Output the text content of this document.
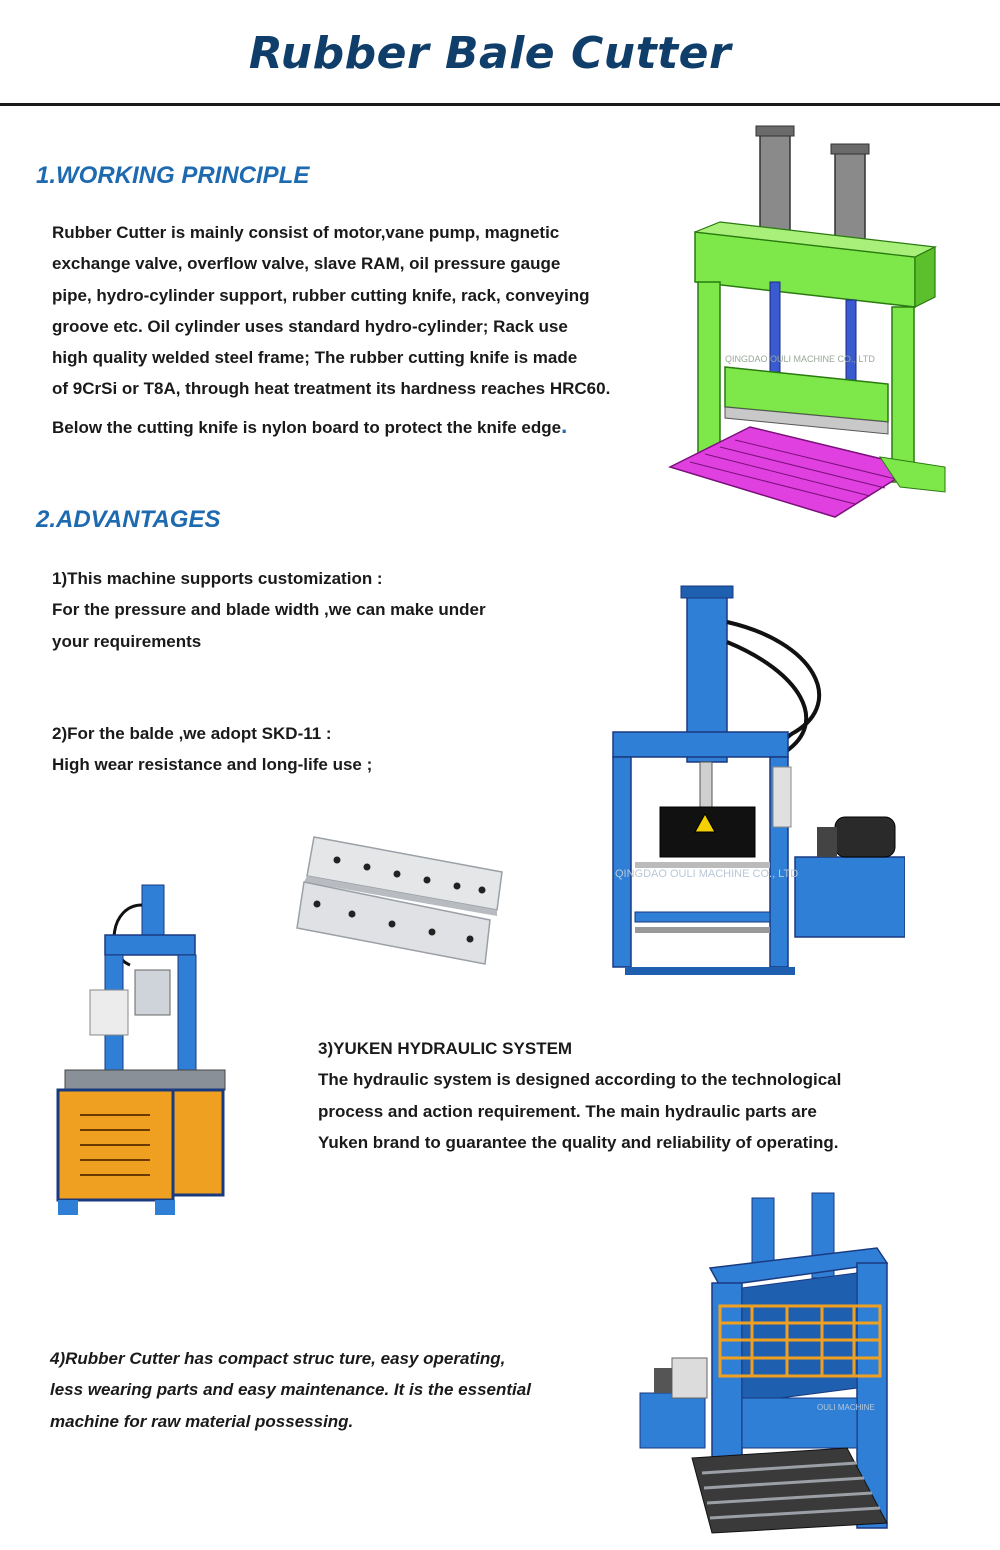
Rubber Bale Cutter
1.WORKING PRINCIPLE

Rubber Cutter is mainly consist of motor,vane pump, magnetic

exchange valve, overflow valve, slave RAM, oil pressure gauge

pipe, hydro-cylinder support, rubber cutting knife, rack, conveying

groove etc. Oil cylinder uses standard hydro-cylinder; Rack use

high quality welded steel frame; The rubber cutting knife is made

of 9CrSi or T8A, through heat treatment its hardness reaches HRC60.

Below the cutting knife is nylon board to protect the knife edge.

QINGDAO OULI MACHINE CO., LTD
2.ADVANTAGES

1)This machine supports customization :

For the pressure and blade width ,we can make under

your requirements

2)For the balde ,we adopt SKD-11 :

High wear resistance and long-life use ;

QINGDAO OULI MACHINE CO., LTD

3)YUKEN HYDRAULIC SYSTEM

The hydraulic system is designed according to the technological

process and action requirement. The main hydraulic parts are

Yuken brand to guarantee the quality and reliability of operating.

4)Rubber Cutter has compact struc ture, easy operating,

less wearing parts and easy maintenance. It is the essential

machine for raw material possessing.

OULI MACHINE
